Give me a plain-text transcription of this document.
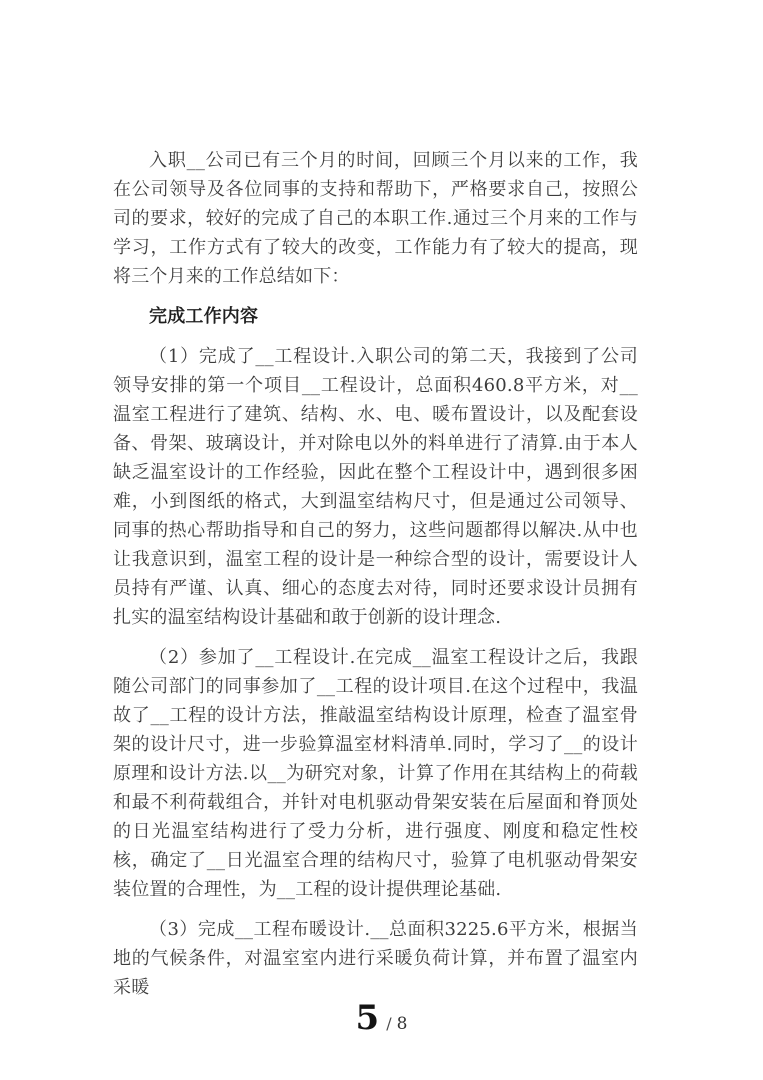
入职__公司已有三个月的时间，回顾三个月以来的工作，我在公司领导及各位同事的支持和帮助下，严格要求自己，按照公司的要求，较好的完成了自己的本职工作.通过三个月来的工作与学习，工作方式有了较大的改变，工作能力有了较大的提高，现将三个月来的工作总结如下：

完成工作内容

（1）完成了__工程设计.入职公司的第二天，我接到了公司领导安排的第一个项目__工程设计，总面积460.8平方米，对__温室工程进行了建筑、结构、水、电、暖布置设计，以及配套设备、骨架、玻璃设计，并对除电以外的料单进行了清算.由于本人缺乏温室设计的工作经验，因此在整个工程设计中，遇到很多困难，小到图纸的格式，大到温室结构尺寸，但是通过公司领导、同事的热心帮助指导和自己的努力，这些问题都得以解决.从中也让我意识到，温室工程的设计是一种综合型的设计，需要设计人员持有严谨、认真、细心的态度去对待，同时还要求设计员拥有扎实的温室结构设计基础和敢于创新的设计理念.

（2）参加了__工程设计.在完成__温室工程设计之后，我跟随公司部门的同事参加了__工程的设计项目.在这个过程中，我温故了__工程的设计方法，推敲温室结构设计原理，检查了温室骨架的设计尺寸，进一步验算温室材料清单.同时，学习了__的设计原理和设计方法.以__为研究对象，计算了作用在其结构上的荷载和最不利荷载组合，并针对电机驱动骨架安装在后屋面和脊顶处的日光温室结构进行了受力分析，进行强度、刚度和稳定性校核，确定了__日光温室合理的结构尺寸，验算了电机驱动骨架安装位置的合理性，为__工程的设计提供理论基础.

（3）完成__工程布暖设计.__总面积3225.6平方米，根据当地的气候条件，对温室室内进行采暖负荷计算，并布置了温室内采暖

5 / 8
